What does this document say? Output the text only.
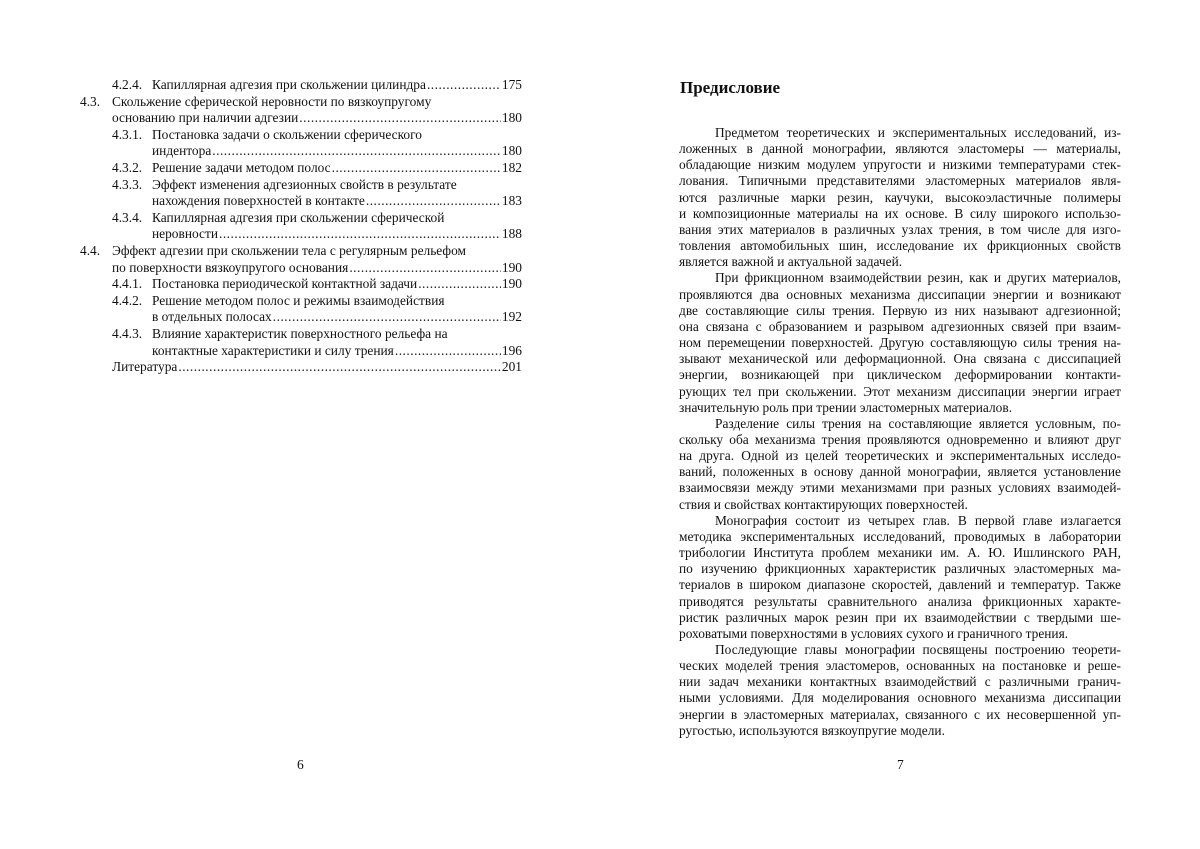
4.2.4. Капиллярная адгезия при скольжении цилиндра .....	175
4.3. Скольжение сферической неровности по вязкоупругому
основанию при наличии адгезии .....	180
4.3.1. Постановка задачи о скольжении сферического
индентора .....	180
4.3.2. Решение задачи методом полос .....	182
4.3.3. Эффект изменения адгезионных свойств в результате
нахождения поверхностей в контакте .....	183
4.3.4. Капиллярная адгезия при скольжении сферической
неровности .....	188
4.4. Эффект адгезии при скольжении тела с регулярным рельефом
по поверхности вязкоупругого основания .....	190
4.4.1. Постановка периодической контактной задачи .....	190
4.4.2. Решение методом полос и режимы взаимодействия
в отдельных полосах .....	192
4.4.3. Влияние характеристик поверхностного рельефа на
контактные характеристики и силу трения .....	196
Литература .....	201
6
Предисловие
Предметом теоретических и экспериментальных исследований, из-
ложенных в данной монографии, являются эластомеры — материалы,
обладающие низким модулем упругости и низкими температурами стек-
лования. Типичными представителями эластомерных материалов явля-
ются различные марки резин, каучуки, высокоэластичные полимеры
и композиционные материалы на их основе. В силу широкого использо-
вания этих материалов в различных узлах трения, в том числе для изго-
товления автомобильных шин, исследование их фрикционных свойств
является важной и актуальной задачей.
При фрикционном взаимодействии резин, как и других материалов,
проявляются два основных механизма диссипации энергии и возникают
две составляющие силы трения. Первую из них называют адгезионной;
она связана с образованием и разрывом адгезионных связей при взаим-
ном перемещении поверхностей. Другую составляющую силы трения на-
зывают механической или деформационной. Она связана с диссипацией
энергии, возникающей при циклическом деформировании контакти-
рующих тел при скольжении. Этот механизм диссипации энергии играет
значительную роль при трении эластомерных материалов.
Разделение силы трения на составляющие является условным, по-
скольку оба механизма трения проявляются одновременно и влияют друг
на друга. Одной из целей теоретических и экспериментальных исследо-
ваний, положенных в основу данной монографии, является установление
взаимосвязи между этими механизмами при разных условиях взаимодей-
ствия и свойствах контактирующих поверхностей.
Монография состоит из четырех глав. В первой главе излагается
методика экспериментальных исследований, проводимых в лаборатории
трибологии Института проблем механики им. А. Ю. Ишлинского РАН,
по изучению фрикционных характеристик различных эластомерных ма-
териалов в широком диапазоне скоростей, давлений и температур. Также
приводятся результаты сравнительного анализа фрикционных характе-
ристик различных марок резин при их взаимодействии с твердыми ше-
роховатыми поверхностями в условиях сухого и граничного трения.
Последующие главы монографии посвящены построению теорети-
ческих моделей трения эластомеров, основанных на постановке и реше-
нии задач механики контактных взаимодействий с различными гранич-
ными условиями. Для моделирования основного механизма диссипации
энергии в эластомерных материалах, связанного с их несовершенной уп-
ругостью, используются вязкоупругие модели.
7
